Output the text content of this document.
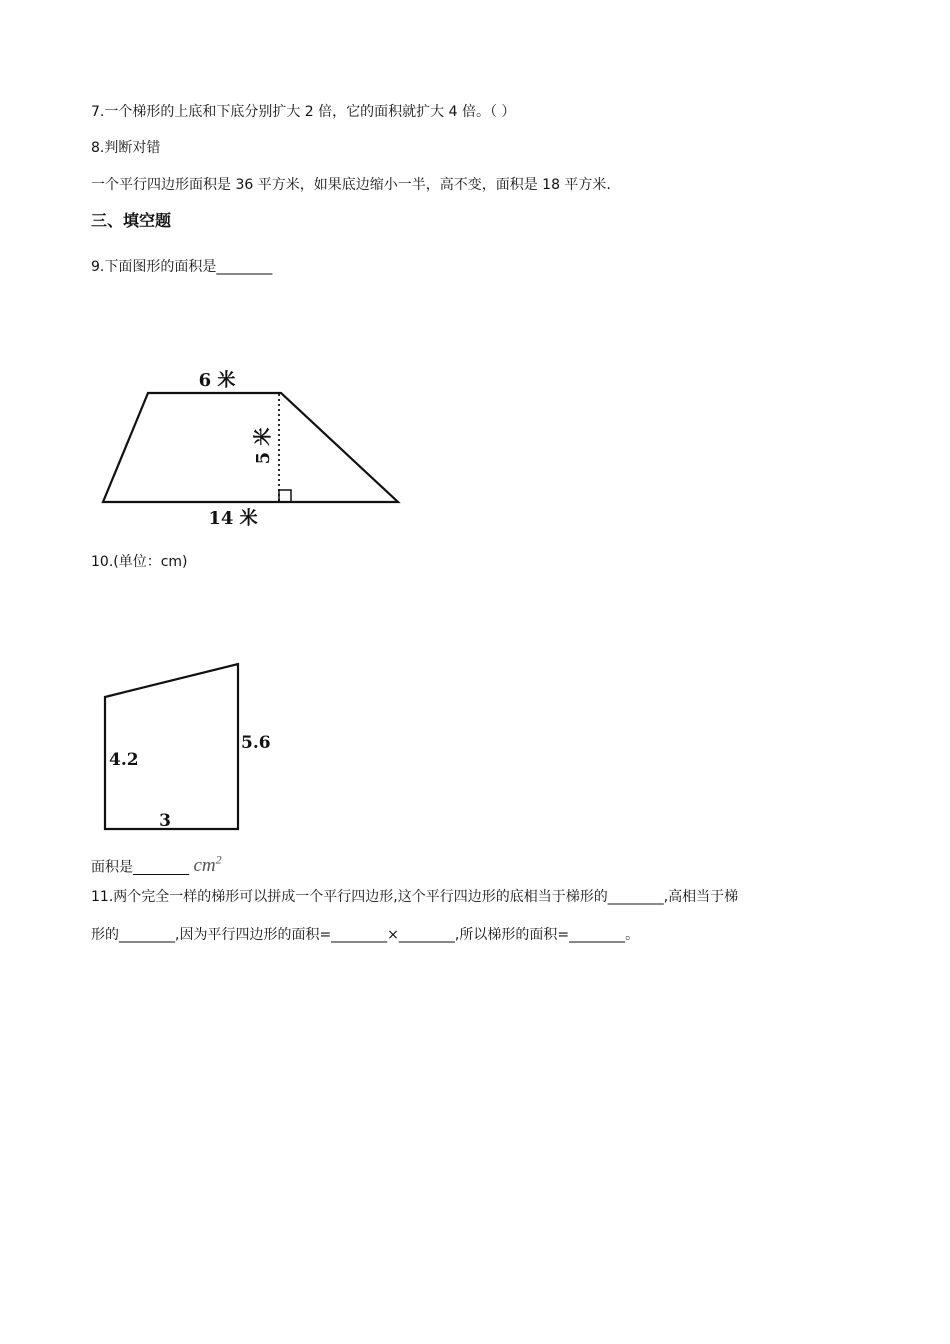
7.一个梯形的上底和下底分别扩大 2 倍，它的面积就扩大 4 倍。（ ）
8.判断对错
一个平行四边形面积是 36 平方米，如果底边缩小一半，高不变，面积是 18 平方米.
三、填空题
9.下面图形的面积是________
6 米
5 米
14 米
10.(单位：cm)
4.2
5.6
3
面积是________ $cm^2$
11.两个完全一样的梯形可以拼成一个平行四边形,这个平行四边形的底相当于梯形的________,高相当于梯
形的________,因为平行四边形的面积=________×________,所以梯形的面积=________。
